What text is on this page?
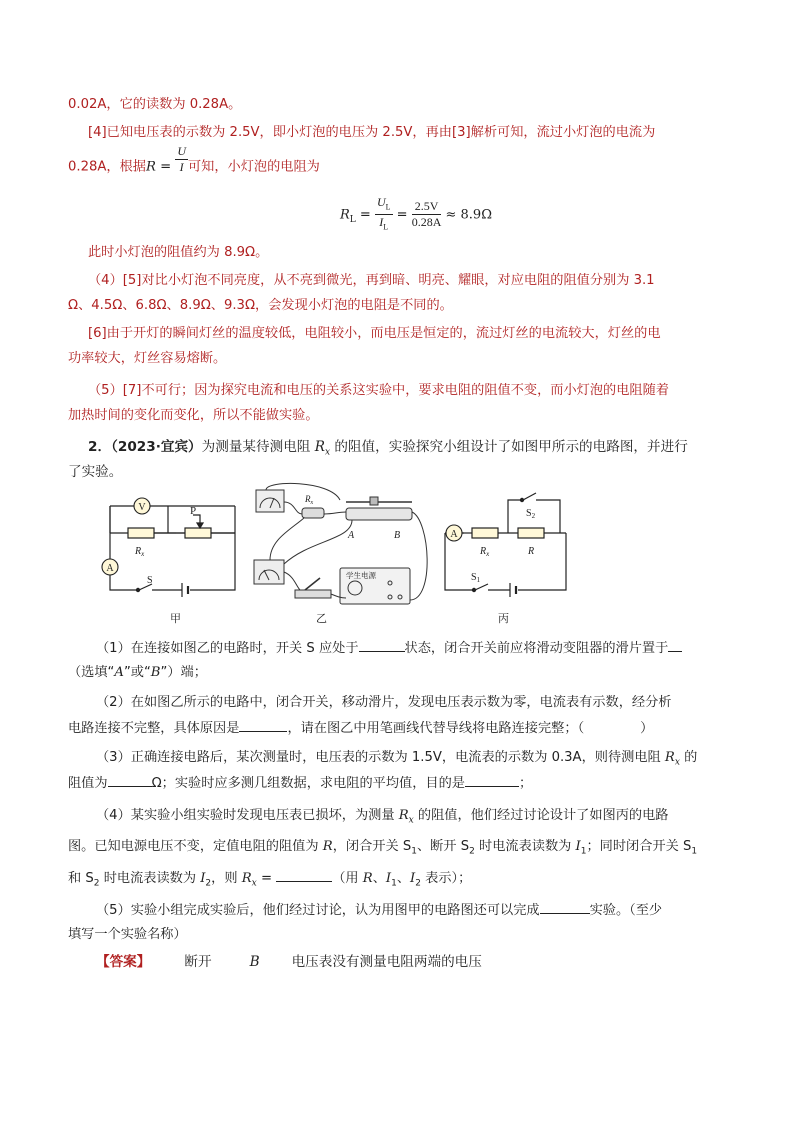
0.02A，它的读数为 0.28A。
[4]已知电压表的示数为 2.5V，即小灯泡的电压为 2.5V，再由[3]解析可知，流过小灯泡的电流为
0.28A，根据$R = \frac{U}{I}$ 可知，小灯泡的电阻为
$R_L = \frac{U_L}{I_L} = \frac{2.5V}{0.28A} \approx 8.9\Omega$
此时小灯泡的阻值约为 8.9Ω。
（4）[5]对比小灯泡不同亮度，从不亮到微光，再到暗、明亮、耀眼，对应电阻的阻值分别为 3.1
Ω、4.5Ω、6.8Ω、8.9Ω、9.3Ω，会发现小灯泡的电阻是不同的。
[6]由于开灯的瞬间灯丝的温度较低，电阻较小，而电压是恒定的，流过灯丝的电流较大，灯丝的电
功率较大，灯丝容易熔断。
（5）[7]不可行；因为探究电流和电压的关系这实验中，要求电阻的阻值不变，而小灯泡的电阻随着
加热时间的变化而变化，所以不能做实验。
2．（2023·宜宾）为测量某待测电阻 $R_x$ 的阻值，实验探究小组设计了如图甲所示的电路图，并进行
了实验。
V
A
P
$R_x$
S
甲
$R_x$
A	B
学生电源
乙
A
$R_x$	R
$S_2$
$S_1$
丙
（1）在连接如图乙的电路时，开关 S 应处于	状态，闭合开关前应将滑动变阻器的滑片置于
（选填“A”或“B”）端；
（2）在如图乙所示的电路中，闭合开关，移动滑片，发现电压表示数为零，电流表有示数，经分析
电路连接不完整，具体原因是	，请在图乙中用笔画线代替导线将电路连接完整；（	）
（3）正确连接电路后，某次测量时，电压表的示数为 1.5V，电流表的示数为 0.3A，则待测电阻 $R_x$ 的
阻值为	Ω；实验时应多测几组数据，求电阻的平均值，目的是	；
（4）某实验小组实验时发现电压表已损坏，为测量 $R_x$ 的阻值，他们经过讨论设计了如图丙的电路
图。已知电源电压不变，定值电阻的阻值为 R，闭合开关 $S_1$、断开 $S_2$ 时电流表读数为 $I_1$；同时闭合开关 $S_1$
和 $S_2$ 时电流表读数为 $I_2$，则 $R_x$ =	（用 R、$I_1$、$I_2$ 表示）；
（5）实验小组完成实验后，他们经过讨论，认为用图甲的电路图还可以完成	实验。（至少
填写一个实验名称）
【答案】	断开	B 电压表没有测量电阻两端的电压
